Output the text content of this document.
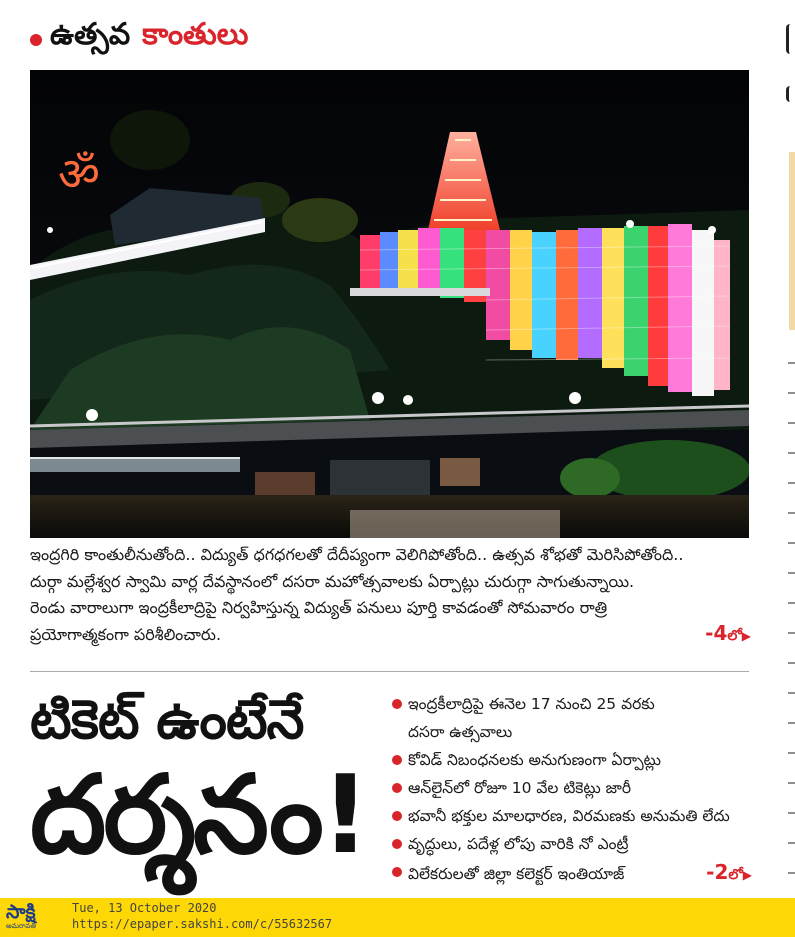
ఉత్సవ కాంతులు
ॐ

ఇంద్రగిరి కాంతులీనుతోంది.. విద్యుత్‌ ధగధగలతో దేదీప్యంగా వెలిగిపోతోంది.. ఉత్సవ శోభతో మెరిసిపోతోంది..

దుర్గా మల్లేశ్వర స్వామి వార్ల దేవస్థానంలో దసరా మహోత్సవాలకు ఏర్పాట్లు చురుగ్గా సాగుతున్నాయి.

రెండు వారాలుగా ఇంద్రకీలాద్రిపై నిర్వహిస్తున్న విద్యుత్‌ పనులు పూర్తి కావడంతో సోమవారం రాత్రి

ప్రయోగాత్మకంగా పరిశీలించారు.	-4లో▶
టికెట్‌ ఉంటేనే
దర్శనం!
ఇంద్రకీలాద్రిపై ఈనెల 17 నుంచి 25 వరకు
దసరా ఉత్సవాలు
కోవిడ్‌ నిబంధనలకు అనుగుణంగా ఏర్పాట్లు
ఆన్‌లైన్‌లో రోజూ 10 వేల టికెట్లు జారీ
భవానీ భక్తుల మాలధారణ, విరమణకు అనుమతి లేదు
వృద్ధులు, పదేళ్ల లోపు వారికి నో ఎంట్రీ
విలేకరులతో జిల్లా కలెక్టర్‌ ఇంతియాజ్‌	-2లో▶
సాక్షి
అమరావతి
Tue, 13 October 2020
https://epaper.sakshi.com/c/55632567
